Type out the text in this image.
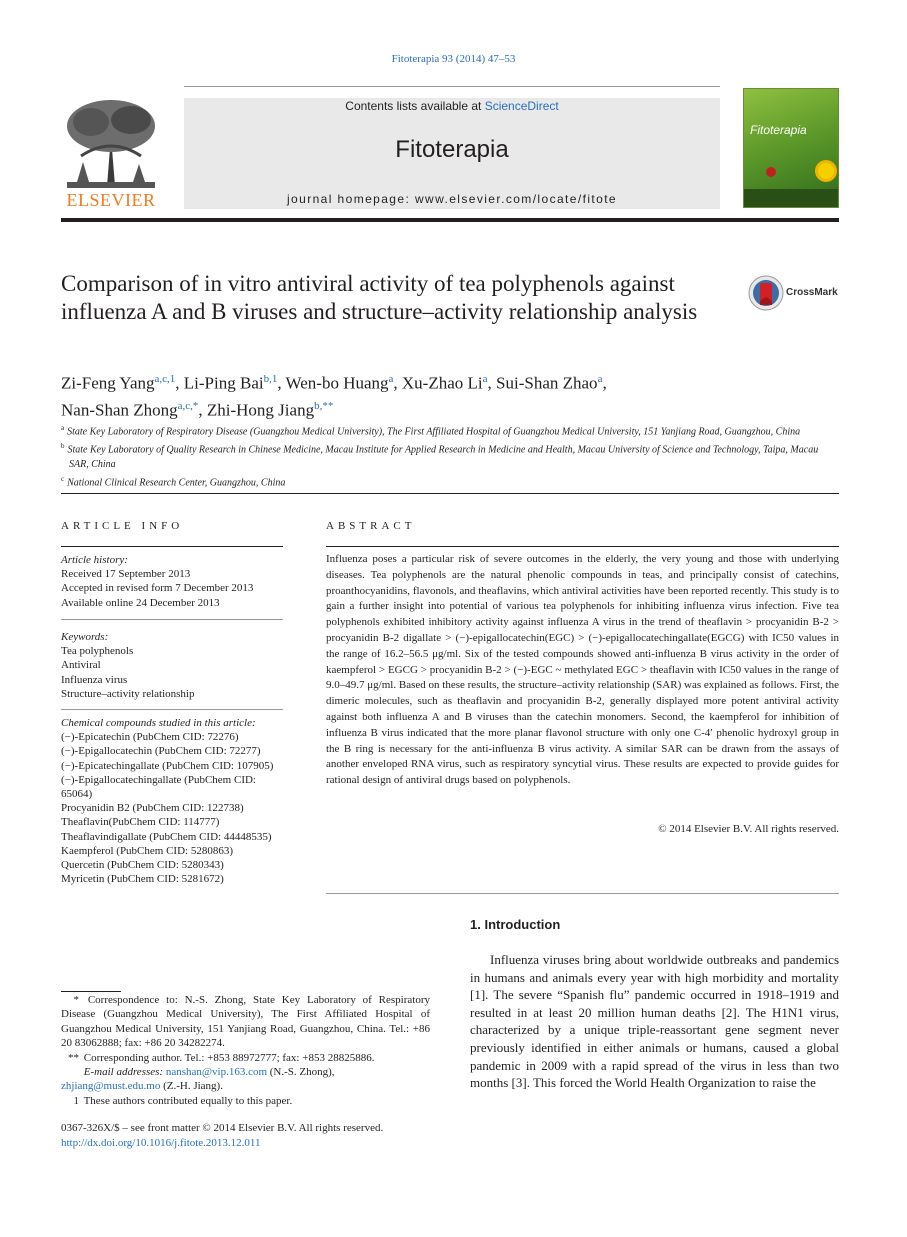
Fitoterapia 93 (2014) 47–53
ELSEVIER
Contents lists available at ScienceDirect
Fitoterapia
journal homepage: www.elsevier.com/locate/fitote
Fitoterapia
Comparison of in vitro antiviral activity of tea polyphenols against influenza A and B viruses and structure–activity relationship analysis
CrossMark
Zi-Feng Yang$^{a,c,1}$, Li-Ping Bai$^{b,1}$, Wen-bo Huang$^a$, Xu-Zhao Li$^a$, Sui-Shan Zhao$^a$,
Nan-Shan Zhong$^{a,c,*}$, Zhi-Hong Jiang$^{b,**}$
$^a$ State Key Laboratory of Respiratory Disease (Guangzhou Medical University), The First Affiliated Hospital of Guangzhou Medical University, 151 Yanjiang Road, Guangzhou, China
$^b$ State Key Laboratory of Quality Research in Chinese Medicine, Macau Institute for Applied Research in Medicine and Health, Macau University of Science and Technology, Taipa, Macau SAR, China
$^c$ National Clinical Research Center, Guangzhou, China
ARTICLE INFO
Article history:
Received 17 September 2013
Accepted in revised form 7 December 2013
Available online 24 December 2013
Keywords:
Tea polyphenols
Antiviral
Influenza virus
Structure–activity relationship
Chemical compounds studied in this article:
(−)-Epicatechin (PubChem CID: 72276)
(−)-Epigallocatechin (PubChem CID: 72277)
(−)-Epicatechingallate (PubChem CID: 107905)
(−)-Epigallocatechingallate (PubChem CID: 65064)
Procyanidin B2 (PubChem CID: 122738)
Theaflavin(PubChem CID: 114777)
Theaflavindigallate (PubChem CID: 44448535)
Kaempferol (PubChem CID: 5280863)
Quercetin (PubChem CID: 5280343)
Myricetin (PubChem CID: 5281672)
ABSTRACT
Influenza poses a particular risk of severe outcomes in the elderly, the very young and those with underlying diseases. Tea polyphenols are the natural phenolic compounds in teas, and principally consist of catechins, proanthocyanidins, flavonols, and theaflavins, which antiviral activities have been reported recently. This study is to gain a further insight into potential of various tea polyphenols for inhibiting influenza virus infection. Five tea polyphenols exhibited inhibitory activity against influenza A virus in the trend of theaflavin > procyanidin B-2 > procyanidin B-2 digallate > (−)-epigallocatechin(EGC) > (−)-epigallocatechingallate(EGCG) with IC50 values in the range of 16.2–56.5 μg/ml. Six of the tested compounds showed anti-influenza B virus activity in the order of kaempferol > EGCG > procyanidin B-2 > (−)-EGC ~ methylated EGC > theaflavin with IC50 values in the range of 9.0–49.7 μg/ml. Based on these results, the structure–activity relationship (SAR) was explained as follows. First, the dimeric molecules, such as theaflavin and procyanidin B-2, generally displayed more potent antiviral activity against both influenza A and B viruses than the catechin monomers. Second, the kaempferol for inhibition of influenza B virus indicated that the more planar flavonol structure with only one C-4′ phenolic hydroxyl group in the B ring is necessary for the anti-influenza B virus activity. A similar SAR can be drawn from the assays of another enveloped RNA virus, such as respiratory syncytial virus. These results are expected to provide guides for rational design of antiviral drugs based on polyphenols.
© 2014 Elsevier B.V. All rights reserved.
1. Introduction
Influenza viruses bring about worldwide outbreaks and pandemics in humans and animals every year with high morbidity and mortality [1]. The severe “Spanish flu” pandemic occurred in 1918–1919 and resulted in at least 20 million human deaths [2]. The H1N1 virus, characterized by a unique triple-reassortant gene segment never previously identified in either animals or humans, caused a global pandemic in 2009 with a rapid spread of the virus in less than two months [3]. This forced the World Health Organization to raise the
* Correspondence to: N.-S. Zhong, State Key Laboratory of Respiratory Disease (Guangzhou Medical University), The First Affiliated Hospital of Guangzhou Medical University, 151 Yanjiang Road, Guangzhou, China. Tel.: +86 20 83062888; fax: +86 20 34282274.
** Corresponding author. Tel.: +853 88972777; fax: +853 28825886.
E-mail addresses: nanshan@vip.163.com (N.-S. Zhong),
zhjiang@must.edu.mo (Z.-H. Jiang).
1 These authors contributed equally to this paper.
0367-326X/$ – see front matter © 2014 Elsevier B.V. All rights reserved.
http://dx.doi.org/10.1016/j.fitote.2013.12.011
